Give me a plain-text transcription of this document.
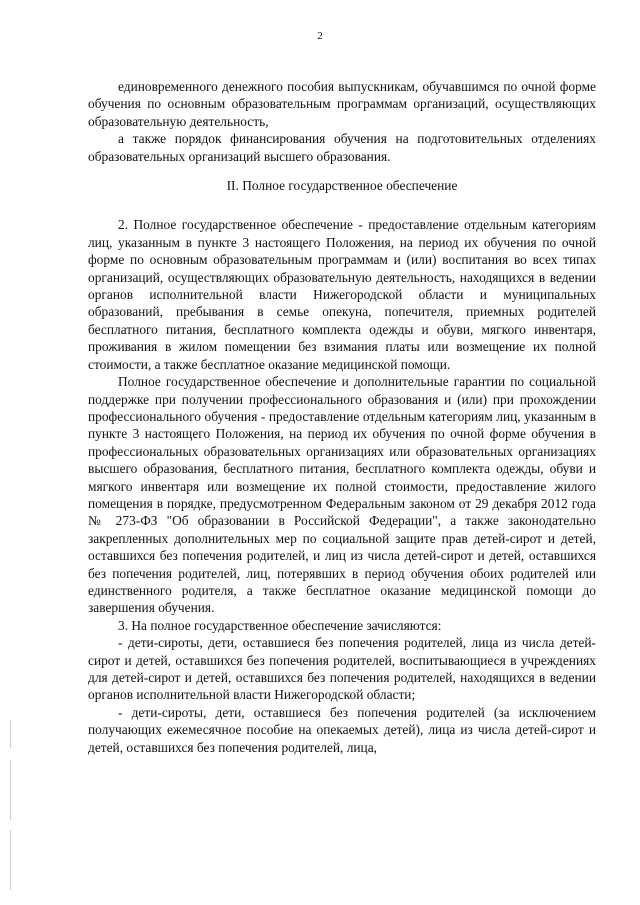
2

единовременного денежного пособия выпускникам, обучавшимся по очной форме обучения по основным образовательным программам организаций, осуществляющих образовательную деятельность,

а также порядок финансирования обучения на подготовительных отделениях образовательных организаций высшего образования.

II. Полное государственное обеспечение

2. Полное государственное обеспечение - предоставление отдельным категориям лиц, указанным в пункте 3 настоящего Положения, на период их обучения по очной форме по основным образовательным программам и (или) воспитания во всех типах организаций, осуществляющих образовательную деятельность, находящихся в ведении органов исполнительной власти Нижегородской области и муниципальных образований, пребывания в семье опекуна, попечителя, приемных родителей бесплатного питания, бесплатного комплекта одежды и обуви, мягкого инвентаря, проживания в жилом помещении без взимания платы или возмещение их полной стоимости, а также бесплатное оказание медицинской помощи.

Полное государственное обеспечение и дополнительные гарантии по социальной поддержке при получении профессионального образования и (или) при прохождении профессионального обучения - предоставление отдельным категориям лиц, указанным в пункте 3 настоящего Положения, на период их обучения по очной форме обучения в профессиональных образовательных организациях или образовательных организациях высшего образования, бесплатного питания, бесплатного комплекта одежды, обуви и мягкого инвентаря или возмещение их полной стоимости, предоставление жилого помещения в порядке, предусмотренном Федеральным законом от 29 декабря 2012 года № 273-ФЗ "Об образовании в Российской Федерации", а также законодательно закрепленных дополнительных мер по социальной защите прав детей-сирот и детей, оставшихся без попечения родителей, и лиц из числа детей-сирот и детей, оставшихся без попечения родителей, лиц, потерявших в период обучения обоих родителей или единственного родителя, а также бесплатное оказание медицинской помощи до завершения обучения.

3. На полное государственное обеспечение зачисляются:

- дети-сироты, дети, оставшиеся без попечения родителей, лица из числа детей-сирот и детей, оставшихся без попечения родителей, воспитывающиеся в учреждениях для детей-сирот и детей, оставшихся без попечения родителей, находящихся в ведении органов исполнительной власти Нижегородской области;

- дети-сироты, дети, оставшиеся без попечения родителей (за исключением получающих ежемесячное пособие на опекаемых детей), лица из числа детей-сирот и детей, оставшихся без попечения родителей, лица,
